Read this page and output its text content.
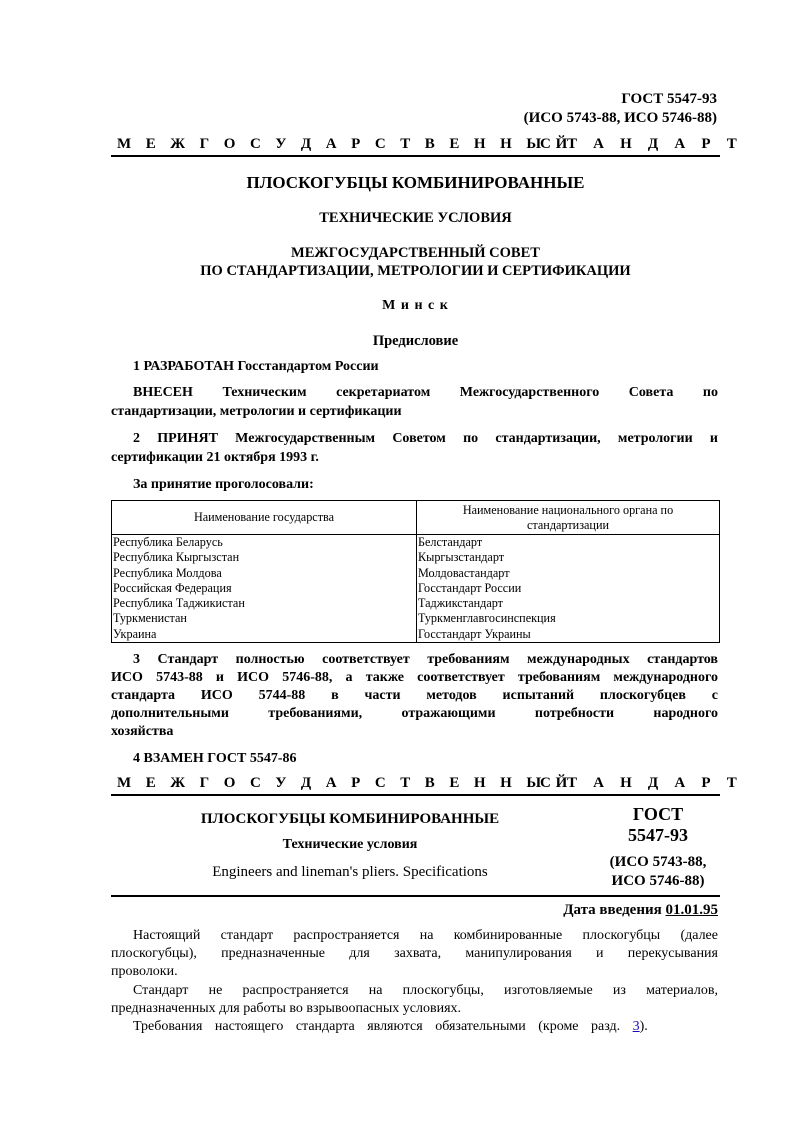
ГОСТ 5547-93
(ИСО 5743-88, ИСО 5746-88)
М Е Ж Г О С У Д А Р С Т В Е Н Н Ы Й
С Т А Н Д А Р Т
ПЛОСКОГУБЦЫ КОМБИНИРОВАННЫЕ
ТЕХНИЧЕСКИЕ УСЛОВИЯ
МЕЖГОСУДАРСТВЕННЫЙ СОВЕТ
ПО СТАНДАРТИЗАЦИИ, МЕТРОЛОГИИ И СЕРТИФИКАЦИИ
М и н с к
Предисловие
1 РАЗРАБОТАН Госстандартом России
ВНЕСЕН Техническим секретариатом Межгосударственного Совета по
стандартизации, метрологии и сертификации
2 ПРИНЯТ Межгосударственным Советом по стандартизации, метрологии и
сертификации 21 октября 1993 г.
За принятие проголосовали:
Наименование государства	Наименование национального органа по
стандартизации
Республика Беларусь	Белстандарт
Республика Кыргызстан	Кыргызстандарт
Республика Молдова	Молдовастандарт
Российская Федерация	Госстандарт России
Республика Таджикистан	Таджикстандарт
Туркменистан	Туркменглавгосинспекция
Украина	Госстандарт Украины
3 Стандарт полностью соответствует требованиям международных стандартов
ИСО 5743-88 и ИСО 5746-88, а также соответствует требованиям международного
стандарта ИСО 5744-88 в части методов испытаний плоскогубцев с
дополнительными требованиями, отражающими потребности народного
хозяйства
4 ВЗАМЕН ГОСТ 5547-86
М Е Ж Г О С У Д А Р С Т В Е Н Н Ы Й
С Т А Н Д А Р Т
ПЛОСКОГУБЦЫ КОМБИНИРОВАННЫЕ
Технические условия
Engineers and lineman's pliers. Specifications
ГОСТ
5547-93
(ИСО 5743-88,
ИСО 5746-88)
Дата введения 01.01.95
Настоящий стандарт распространяется на комбинированные плоскогубцы (далее
плоскогубцы), предназначенные для захвата, манипулирования и перекусывания
проволоки.
Стандарт не распространяется на плоскогубцы, изготовляемые из материалов,
предназначенных для работы во взрывоопасных условиях.
Требования настоящего стандарта являются обязательными (кроме разд. 3).
